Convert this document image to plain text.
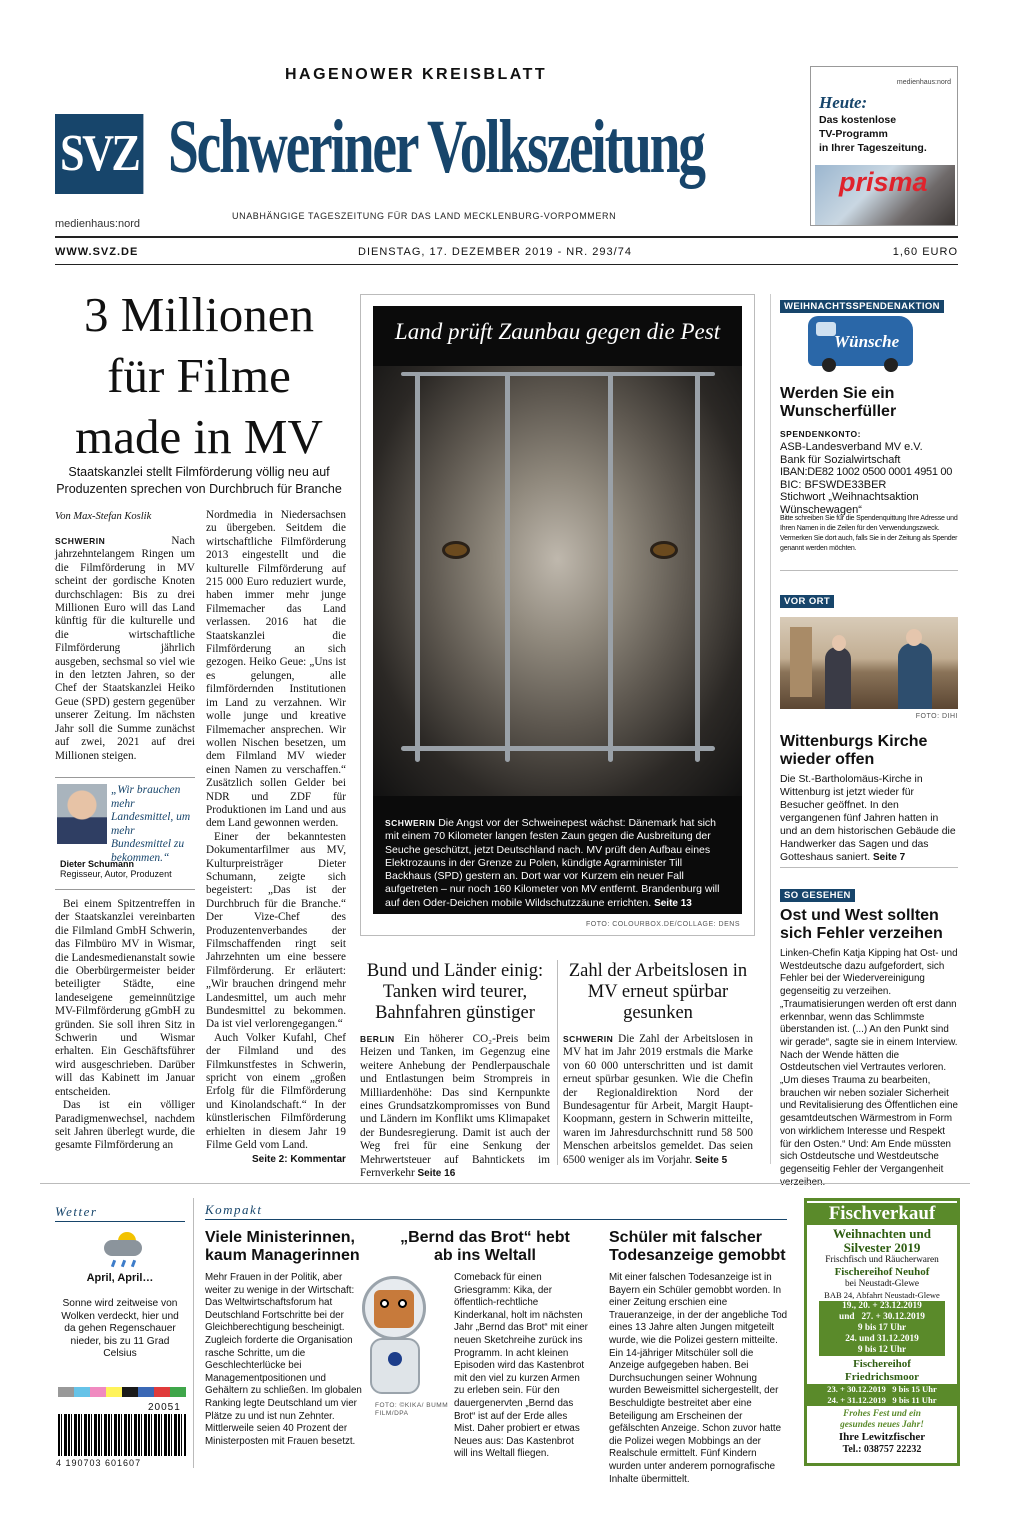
HAGENOWER KREISBLATT
SVZ Schweriner Volkszeitung
medienhaus:nord
UNABHÄNGIGE TAGESZEITUNG FÜR DAS LAND MECKLENBURG-VORPOMMERN
medienhaus:nord
Heute:
Das kostenlose
TV-Programm
in Ihrer Tageszeitung.
prisma
WWW.SVZ.DE	DIENSTAG, 17. DEZEMBER 2019 - NR. 293/74	1,60 EURO
3 Millionen
für Filme
made in MV
Staatskanzlei stellt Filmförderung völlig neu auf
Produzenten sprechen von Durchbruch für Branche
Von Max-Stefan Koslik

SCHWERIN	Nach jahrzehntelangem Ringen um die Filmförderung in MV scheint der gordische Knoten durchschlagen: Bis zu drei Millionen Euro will das Land künftig für die kulturelle und die wirtschaftliche Filmförderung jährlich ausgeben, sechsmal so viel wie in den letzten Jahren, so der Chef der Staatskanzlei Heiko Geue (SPD) gestern gegenüber unserer Zeitung. Im nächsten Jahr soll die Summe zunächst auf zwei, 2021 auf drei Millionen steigen.

„Wir brauchen mehr Landesmittel, um mehr Bundesmittel zu bekommen.“
Dieter Schumann
Regisseur, Autor, Produzent

Bei einem Spitzentreffen in der Staatskanzlei vereinbarten die Filmland GmbH Schwerin, das Filmbüro MV in Wismar, die Landesmedienanstalt sowie die Oberbürgermeister beider beteiligter Städte, eine landeseigene gemeinnützige MV-Filmförderung gGmbH zu gründen. Sie soll ihren Sitz in Schwerin und Wismar erhalten. Ein Geschäftsführer wird ausgeschrieben. Darüber will das Kabinett im Januar entscheiden.

Das ist ein völliger Paradigmenwechsel, nachdem seit Jahren überlegt wurde, die gesamte Filmförderung an

Nordmedia in Niedersachsen zu übergeben. Seitdem die wirtschaftliche Filmförderung 2013 eingestellt und die kulturelle Filmförderung auf 215 000 Euro reduziert wurde, haben immer mehr junge Filmemacher das Land verlassen. 2016 hat die Staatskanzlei die Filmförderung an sich gezogen. Heiko Geue: „Uns ist es gelungen, alle filmfördernden Institutionen im Land zu verzahnen. Wir wolle junge und kreative Filmemacher ansprechen. Wir wollen Nischen besetzen, um dem Filmland MV wieder einen Namen zu verschaffen.“ Zusätzlich sollen Gelder bei NDR und ZDF für Produktionen im Land und aus dem Land gewonnen werden.

Einer der bekanntesten Dokumentarfilmer aus MV, Kulturpreisträger Dieter Schumann, zeigte sich begeistert: „Das ist der Durchbruch für die Branche.“ Der Vize-Chef des Produzentenverbandes der Filmschaffenden ringt seit Jahrzehnten um eine bessere Filmförderung. Er erläutert: „Wir brauchen dringend mehr Landesmittel, um auch mehr Bundesmittel zu bekommen. Da ist viel verlorengegangen.“

Auch Volker Kufahl, Chef der Filmland und des Filmkunstfestes in Schwerin, spricht von einem „großen Erfolg für die Filmförderung und Kinolandschaft.“ In der künstlerischen Filmförderung erhielten in diesem Jahr 19 Filme Geld vom Land.

Seite 2: Kommentar
Land prüft Zaunbau gegen die Pest
SCHWERIN Die Angst vor der Schweinepest wächst: Dänemark hat sich mit einem 70 Kilometer langen festen Zaun gegen die Ausbreitung der Seuche geschützt, jetzt Deutschland nach. MV prüft den Aufbau eines Elektrozauns in der Grenze zu Polen, kündigte Agrarminister Till Backhaus (SPD) gestern an. Dort war vor Kurzem ein neuer Fall aufgetreten – nur noch 160 Kilometer von MV entfernt. Brandenburg will auf den Oder-Deichen mobile Wildschutzzäune errichten. Seite 13
FOTO: COLOURBOX.DE/COLLAGE: DENS
Bund und Länder einig: Tanken wird teurer, Bahnfahren günstiger
BERLIN Ein höherer CO₂-Preis beim Heizen und Tanken, im Gegenzug eine weitere Anhebung der Pendlerpauschale und Entlastungen beim Strompreis in Milliardenhöhe: Das sind Kernpunkte eines Grundsatzkompromisses von Bund und Ländern im Konflikt ums Klimapaket der Bundesregierung. Damit ist auch der Weg frei für eine Senkung der Mehrwertsteuer auf Bahntickets im Fernverkehr Seite 16
Zahl der Arbeitslosen in MV erneut spürbar gesunken
SCHWERIN Die Zahl der Arbeitslosen in MV hat im Jahr 2019 erstmals die Marke von 60 000 unterschritten und ist damit erneut spürbar gesunken. Wie die Chefin der Regionaldirektion Nord der Bundesagentur für Arbeit, Margit Haupt-Koopmann, gestern in Schwerin mitteilte, waren im Jahresdurchschnitt rund 58 500 Menschen arbeitslos gemeldet. Das seien 6500 weniger als im Vorjahr. Seite 5
WEIHNACHTSSPENDENAKTION
Wünsche
Werden Sie ein Wunscherfüller
SPENDENKONTO:
ASB-Landesverband MV e.V.
Bank für Sozialwirtschaft
IBAN:DE82 1002 0500 0001 4951 00
BIC: BFSWDE33BER
Stichwort „Weihnachtsaktion Wünschewagen“
Bitte schreiben Sie für die Spendenquittung Ihre Adresse und Ihren Namen in die Zeilen für den Verwendungszweck. Vermerken Sie dort auch, falls Sie in der Zeitung als Spender genannt werden möchten.
VOR ORT
FOTO: DIHI
Wittenburgs Kirche wieder offen
Die St.-Bartholomäus-Kirche in Wittenburg ist jetzt wieder für Besucher geöffnet. In den vergangenen fünf Jahren hatten in und an dem historischen Gebäude die Handwerker das Sagen und das Gotteshaus saniert. Seite 7
SO GESEHEN
Ost und West sollten sich Fehler verzeihen
Linken-Chefin Katja Kipping hat Ost- und Westdeutsche dazu aufgefordert, sich Fehler bei der Wiedervereinigung gegenseitig zu verzeihen. „Traumatisierungen werden oft erst dann erkennbar, wenn das Schlimmste überstanden ist. (...) An den Punkt sind wir gerade“, sagte sie in einem Interview. Nach der Wende hätten die Ostdeutschen viel Vertrautes verloren. „Um dieses Trauma zu bearbeiten, brauchen wir neben sozialer Sicherheit und Revitalisierung des Öffentlichen eine gesamtdeutschen Wärmestrom in Form von wirklichem Interesse und Respekt für den Osten.“ Und: Am Ende müssten sich Ostdeutsche und Westdeutsche gegenseitig Fehler der Vergangenheit
Wetter
April, April…
Sonne wird zeitweise von Wolken verdeckt, hier und da gehen Regenschauer nieder, bis zu 11 Grad Celsius
20051
4 190703 601607
Kompakt
Viele Ministerinnen, kaum Managerinnen
Mehr Frauen in der Politik, aber weiter zu wenige in der Wirtschaft: Das Weltwirtschaftsforum hat Deutschland Fortschritte bei der Gleichberechtigung bescheinigt. Zugleich forderte die Organisation rasche Schritte, um die Geschlechterlücke bei Managementpositionen und Gehältern zu schließen. Im globalen Ranking legte Deutschland um vier Plätze zu und ist nun Zehnter. Mittlerweile seien 40 Prozent der Ministerposten mit Frauen besetzt.
„Bernd das Brot“ hebt ab ins Weltall
FOTO: ©KIKA/ BUMM FILM/DPA
Comeback für einen Griesgramm: Kika, der öffentlich-rechtliche Kinderkanal, holt im nächsten Jahr „Bernd das Brot“ mit einer neuen Sketchreihe zurück ins Programm. In acht kleinen Episoden wird das Kastenbrot mit den viel zu kurzen Armen zu erleben sein. Für den dauergenervten „Bernd das Brot“ ist auf der Erde alles Mist. Daher probiert er etwas Neues aus: Das Kastenbrot will ins Weltall fliegen.
Schüler mit falscher Todesanzeige gemobbt
Mit einer falschen Todesanzeige ist in Bayern ein Schüler gemobbt worden. In einer Zeitung erschien eine Traueranzeige, in der der angebliche Tod eines 13 Jahre alten Jungen mitgeteilt wurde, wie die Polizei gestern mitteilte. Ein 14-jähriger Mitschüler soll die Anzeige aufgegeben haben. Bei Durchsuchungen seiner Wohnung wurden Beweismittel sichergestellt, der Beschuldigte bestreitet aber eine Beteiligung am Erscheinen der gefälschten Anzeige. Schon zuvor hatte die Polizei wegen Mobbings an der Realschule ermittelt. Fünf Kindern wurden unter anderem pornografische Inhalte übermittelt.
Fischverkauf
Weihnachten und
Silvester 2019
Frischfisch und Räucherwaren
Fischereihof Neuhof
bei Neustadt-Glewe
BAB 24, Abfahrt Neustadt-Glewe
19., 20. + 23.12.2019
und   27. + 30.12.2019
9 bis 17 Uhr
24. und 31.12.2019
9 bis 12 Uhr
Fischereihof
Friedrichsmoor
23. + 30.12.2019   9 bis 15 Uhr
24. + 31.12.2019   9 bis 11 Uhr
Frohes Fest und ein
gesundes neues Jahr!
Ihre Lewitzfischer
Tel.: 038757 22232
